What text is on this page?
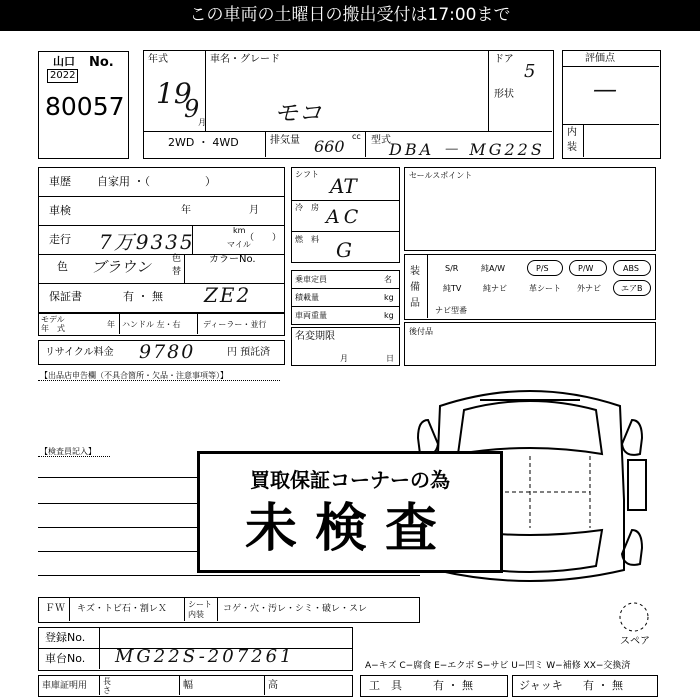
この車両の土曜日の搬出受付は17:00まで
山口 No.
2022
80057
年式
19
9
月
車名・グレード
モコ
ドア
5
形状
2WD ・ 4WD	排気量 660
cc 型式
DBA － MG22S
評価点
—
内
装
車歴 自家用 ・（　　　　　）
車検	年	月
走行 7万9335	km
マイル
（　　）
色 ブラウン 色
替
カラーNo.
保証書	有 ・ 無 ZE2
モデル
年　式	年 ハンドル 左・右	ディーラー・並行
リサイクル料金 9780	円 預託済
シフト AT
冷　房 AC
燃　料 G
乗車定員	名
積載量	kg
車両重量	kg
名変期限
月	日
セールスポイント
装
備
品
S/R	純A/W	P/S	P/W	ABS
純TV	純ナビ	革シート 外ナビ	エアB
ナビ型番
後付品
【出品店申告欄（不具合箇所・欠品・注意事項等）】
【検査員記入】
スペア
買取保証コーナーの為
未検査
ＦＷ キズ・トビ石・割レＸ	シート
内装
コゲ・穴・汚レ・シミ・破レ・スレ
登録No.
車台No. MG22S-207261
車庫証明用 長
さ	幅	高
A−キズ C−腐食 E−エクボ S−サビ U−凹ミ W−補修 XX−交換済
工　具	有 ・ 無	ジャッキ 有 ・ 無
